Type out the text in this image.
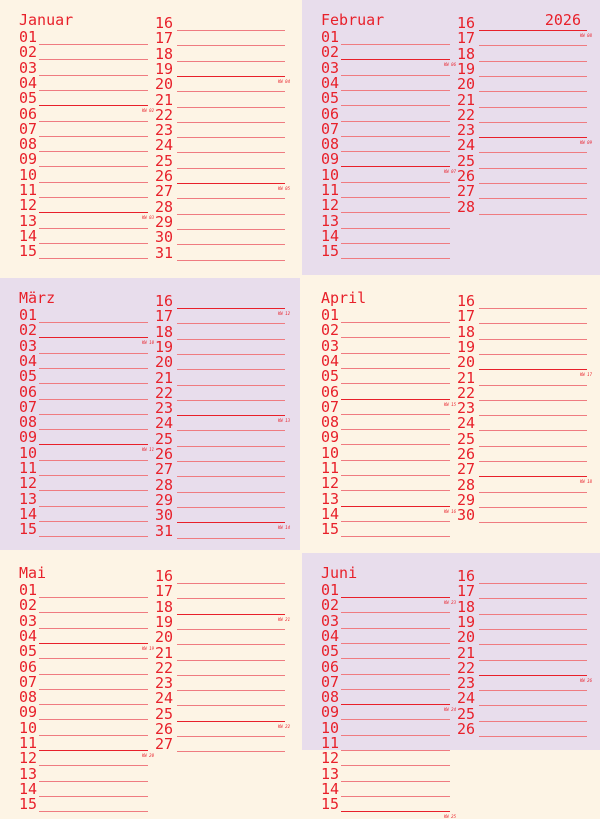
Januar
01
02
03
04
05
KW 02
06
07
08
09
10
11
12
KW 03
13
14
15
16
17
18
19
KW 04
20
21
22
23
24
25
26
KW 05
27
28
29
30
31
Februar	2026
01
02
KW 06
03
04
05
06
07
08
09
KW 07
10
11
12
13
14
15
16
KW 08
17
18
19
20
21
22
23
KW 09
24
25
26
27
28
März
01
02
KW 10
03
04
05
06
07
08
09
KW 11
10
11
12
13
14
15
16
KW 12
17
18
19
20
21
22
23
KW 13
24
25
26
27
28
29
30
KW 14
31
April
01
02
03
04
05
06
KW 15
07
08
09
10
11
12
13
KW 16
14
15
16
17
18
19
20
KW 17
21
22
23
24
25
26
27
KW 18
28
29
30
Mai
01
02
03
04
KW 19
05
06
07
08
09
10
11
KW 20
12
13
14
15
16
17
18
KW 21
19
20
21
22
23
24
25
KW 22
26
27
Juni
01
KW 23
02
03
04
05
06
07
08
KW 24
09
10
11
12
13
14
15
KW 25
16
17
18
19
20
21
22
KW 26
23
24
25
26
